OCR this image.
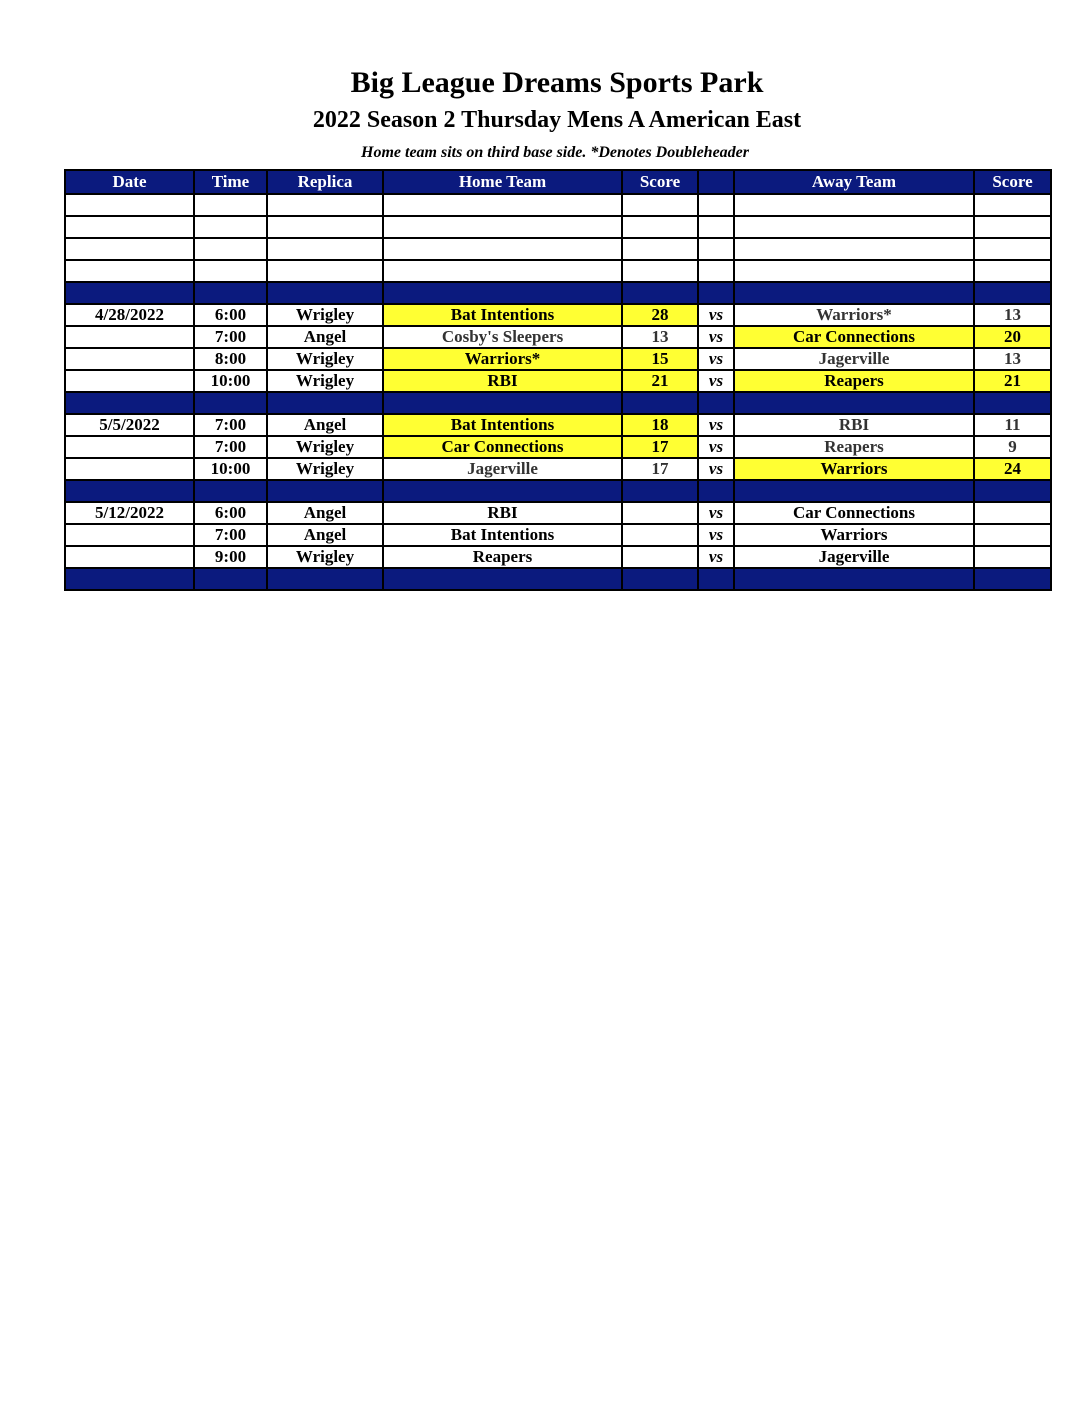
Big League Dreams Sports Park
2022 Season 2 Thursday Mens A American East
Home team sits on third base side. *Denotes Doubleheader
Date	Time	Replica	Home Team	Score		Away Team	Score

4/28/2022	6:00	Wrigley	Bat Intentions	28	vs	Warriors*	13
	7:00	Angel	Cosby's Sleepers	13	vs	Car Connections	20
	8:00	Wrigley	Warriors*	15	vs	Jagerville	13
	10:00	Wrigley	RBI	21	vs	Reapers	21

5/5/2022	7:00	Angel	Bat Intentions	18	vs	RBI	11
	7:00	Wrigley	Car Connections	17	vs	Reapers	9
	10:00	Wrigley	Jagerville	17	vs	Warriors	24

5/12/2022	6:00	Angel	RBI		vs	Car Connections	
	7:00	Angel	Bat Intentions		vs	Warriors	
	9:00	Wrigley	Reapers		vs	Jagerville	
